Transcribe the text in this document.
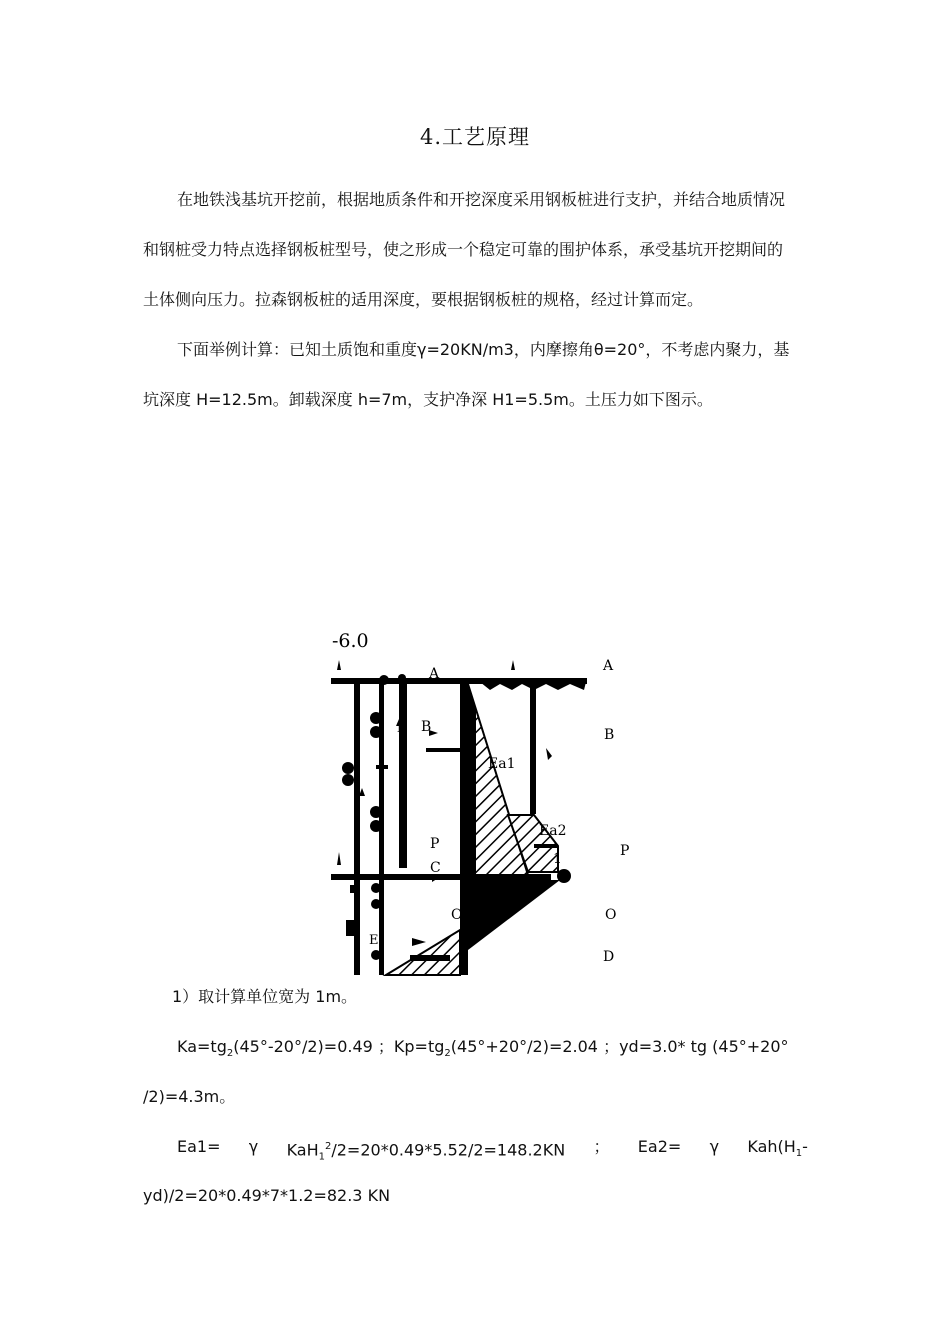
4.工艺原理
在地铁浅基坑开挖前，根据地质条件和开挖深度采用钢板桩进行支护，并结合地质情况
和钢桩受力特点选择钢板桩型号，使之形成一个稳定可靠的围护体系，承受基坑开挖期间的
土体侧向压力。拉森钢板桩的适用深度，要根据钢板桩的规格，经过计算而定。
下面举例计算：已知土质饱和重度γ=20KN/m3，内摩擦角θ=20°，不考虑内聚力，基
坑深度 H=12.5m。卸载深度 h=7m，支护净深 H1=5.5m。土压力如下图示。
-6.0
A	A
B	B
N
Ea1
Ea2
1
P	P
C
O	O
E
D
1）取计算单位宽为 1m。
$Ka=tg_2(45^\circ-20^\circ/2)=0.49$ ；$Kp=tg_2(45^\circ+20^\circ/2)=2.04$ ；yd=3.0* tg (45°+20°
/2)=4.3m。
Ea1= γ KaH$_1^2$/2=20*0.49*5.52/2=148.2KN ； Ea2= γ $Kah(H_1-$
yd)/2=20*0.49*7*1.2=82.3 KN
